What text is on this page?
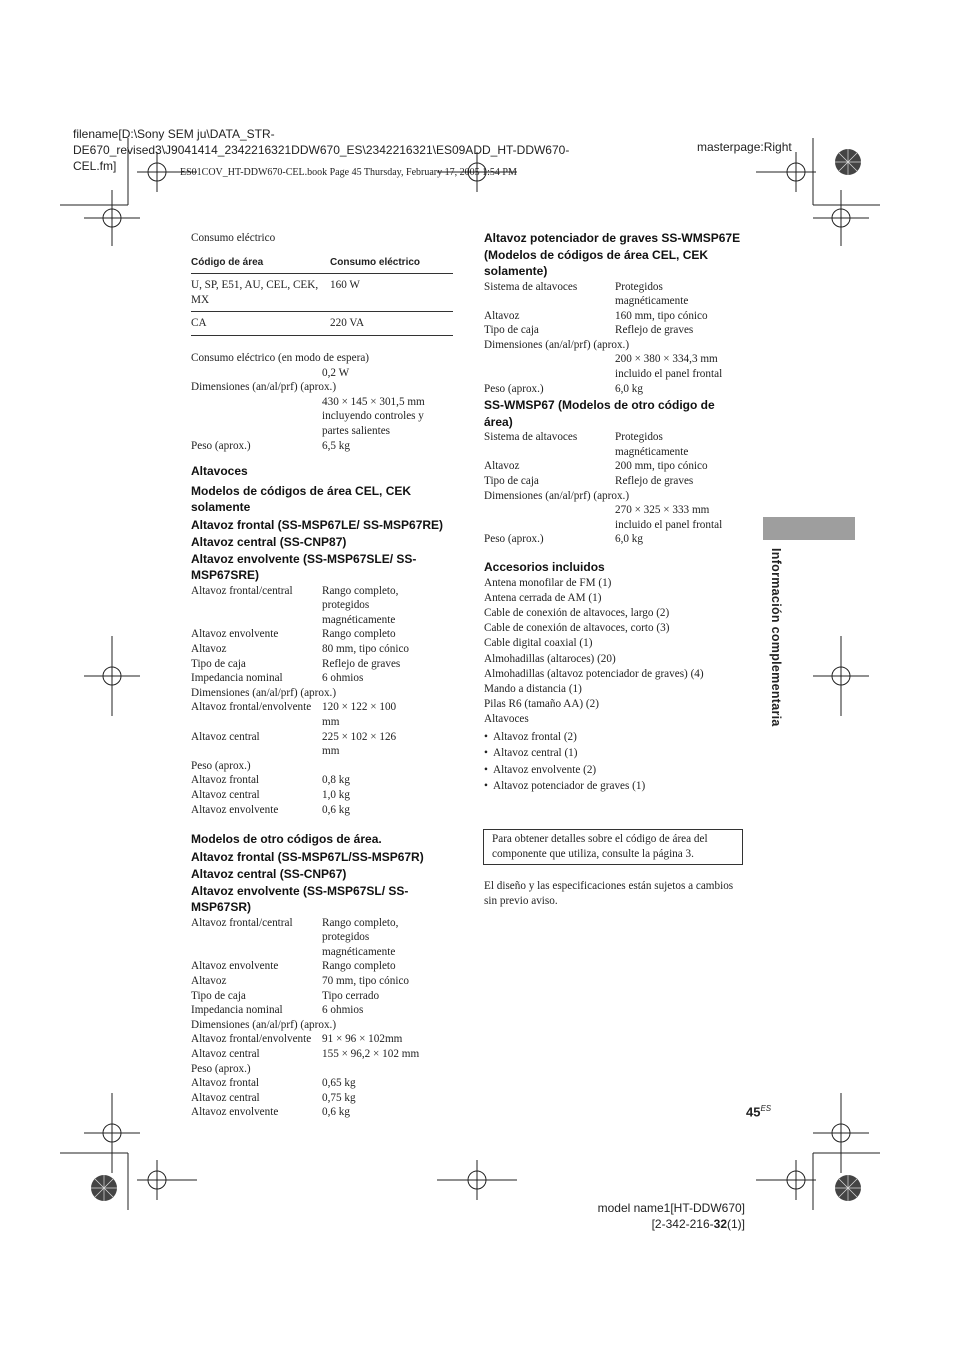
filename[D:\Sony SEM ju\DATA_STR-
DE670_revised3\J9041414_2342216321DDW670_ES\2342216321\ES09ADD_HT-DDW670-
CEL.fm]
masterpage:Right
ES01COV_HT-DDW670-CEL.book Page 45 Thursday, February 17, 2005 1:54 PM
Consumo eléctrico
Código de área	Consumo eléctrico
U, SP, E51, AU, CEL, CEK, MX	160 W
CA	220 VA
Consumo eléctrico (en modo de espera)
0,2 W
Dimensiones (an/al/prf) (aprox.)
430 × 145 × 301,5 mm incluyendo controles y partes salientes
Peso (aprox.)	6,5 kg
Altavoces
Modelos de códigos de área CEL, CEK solamente
Altavoz frontal (SS-MSP67LE/ SS-MSP67RE)
Altavoz central (SS-CNP87)
Altavoz envolvente (SS-MSP67SLE/ SS-MSP67SRE)
Altavoz frontal/central	Rango completo, protegidos magnéticamente
Altavoz envolvente	Rango completo
Altavoz	80 mm, tipo cónico
Tipo de caja	Reflejo de graves
Impedancia nominal	6 ohmios
Dimensiones (an/al/prf) (aprox.)
Altavoz frontal/envolvente 120 × 122 × 100 mm
Altavoz central	225 × 102 × 126 mm
Peso (aprox.)
Altavoz frontal	0,8 kg
Altavoz central	1,0 kg
Altavoz envolvente	0,6 kg
Modelos de otro códigos de área.
Altavoz frontal (SS-MSP67L/SS-MSP67R)
Altavoz central (SS-CNP67)
Altavoz envolvente (SS-MSP67SL/ SS-MSP67SR)
Altavoz frontal/central	Rango completo, protegidos magnéticamente
Altavoz envolvente	Rango completo
Altavoz	70 mm, tipo cónico
Tipo de caja	Tipo cerrado
Impedancia nominal	6 ohmios
Dimensiones (an/al/prf) (aprox.)
Altavoz frontal/envolvente 91 × 96 × 102mm
Altavoz central	155 × 96,2 × 102 mm
Peso (aprox.)
Altavoz frontal	0,65 kg
Altavoz central	0,75 kg
Altavoz envolvente	0,6 kg
Altavoz potenciador de graves SS-WMSP67E (Modelos de códigos de área CEL, CEK solamente)
Sistema de altavoces	Protegidos magnéticamente
Altavoz	160 mm, tipo cónico
Tipo de caja	Reflejo de graves
Dimensiones (an/al/prf) (aprox.)
200 × 380 × 334,3 mm incluido el panel frontal
Peso (aprox.)	6,0 kg
SS-WMSP67 (Modelos de otro código de área)
Sistema de altavoces	Protegidos magnéticamente
Altavoz	200 mm, tipo cónico
Tipo de caja	Reflejo de graves
Dimensiones (an/al/prf) (aprox.)
270 × 325 × 333 mm incluido el panel frontal
Peso (aprox.)	6,0 kg
Accesorios incluidos
Antena monofilar de FM (1)
Antena cerrada de AM (1)
Cable de conexión de altavoces, largo (2)
Cable de conexión de altavoces, corto (3)
Cable digital coaxial (1)
Almohadillas (altaroces) (20)
Almohadillas (altavoz potenciador de graves) (4)
Mando a distancia (1)
Pilas R6 (tamaño AA) (2)
Altavoces
• Altavoz frontal (2)
• Altavoz central (1)
• Altavoz envolvente (2)
• Altavoz potenciador de graves (1)
Para obtener detalles sobre el código de área del componente que utiliza, consulte la página 3.
El diseño y las especificaciones están sujetos a cambios sin previo aviso.
Información complementaria
$45^{ES}$
model name1[HT-DDW670]
[2-342-216-32(1)]
